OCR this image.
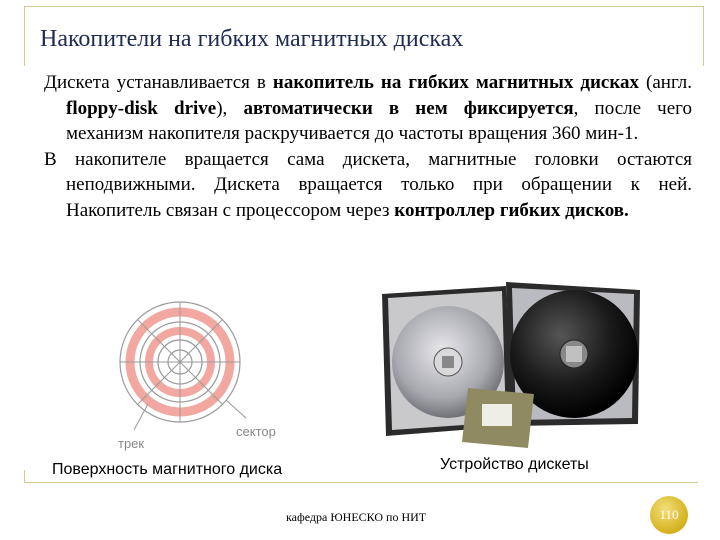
Накопители на гибких магнитных дисках

Дискета устанавливается в накопитель на гибких магнитных дисках (англ. floppy-disk drive), автоматически в нем фиксируется, после чего механизм накопителя раскручивается до частоты вращения 360 мин-1.

В накопителе вращается сама дискета, магнитные головки остаются неподвижными. Дискета вращается только при обращении к ней. Накопитель связан с процессором через контроллер гибких дисков.

трек
сектор
Поверхность магнитного диска	Устройство дискеты
кафедра ЮНЕСКО по НИТ	110
